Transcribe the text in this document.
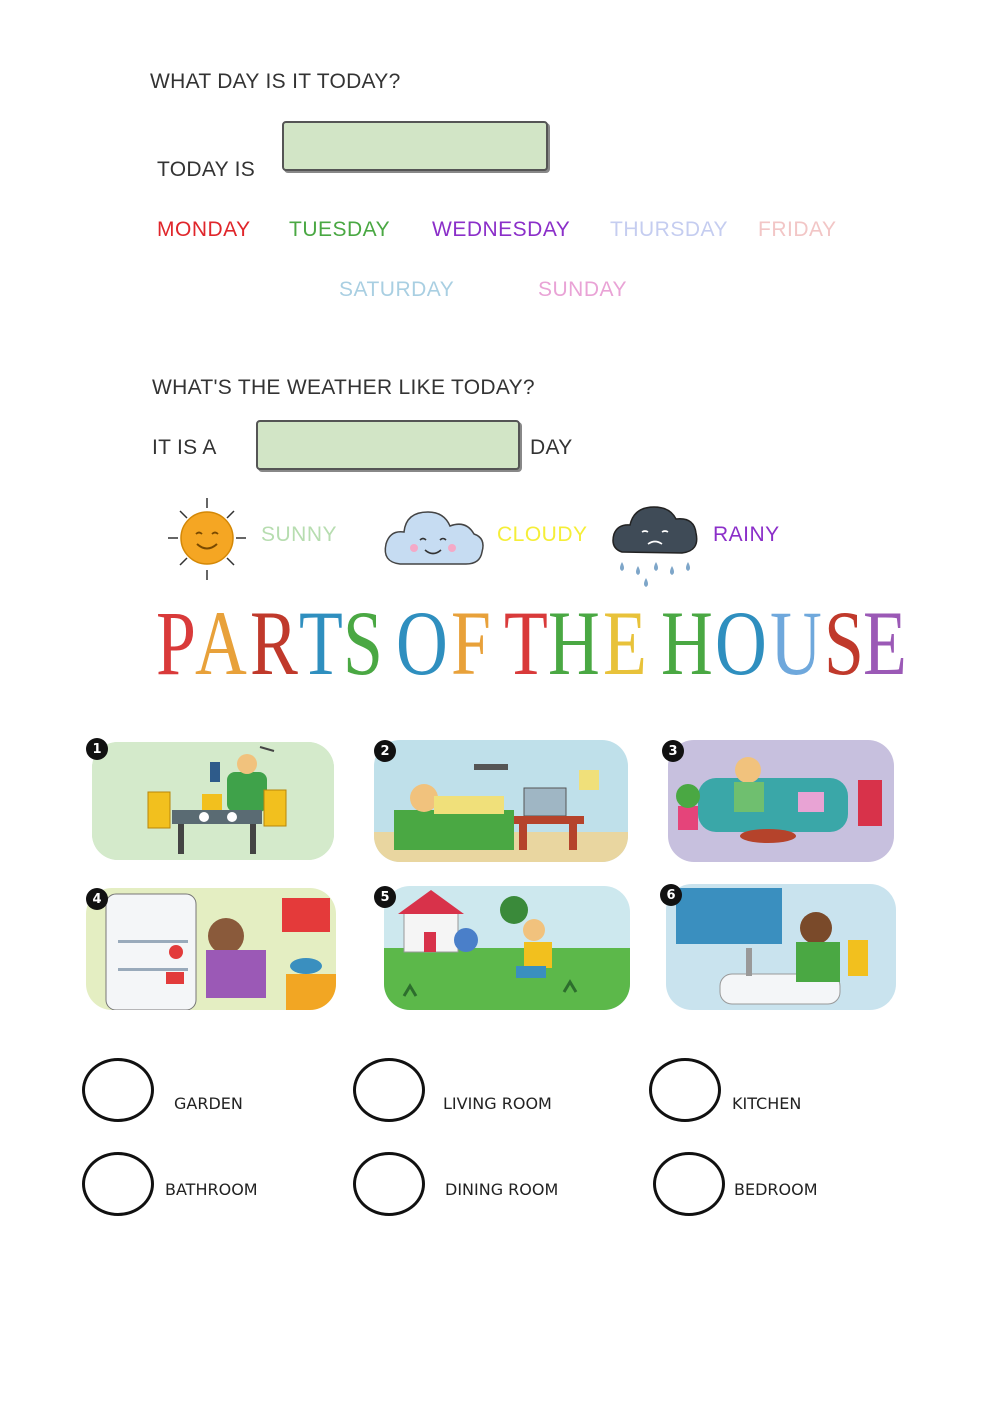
WHAT DAY IS IT TODAY?
TODAY IS
MONDAY TUESDAY WEDNESDAY THURSDAY FRIDAY
SATURDAY	SUNDAY
WHAT'S THE WEATHER LIKE TODAY?
IT IS A	DAY
SUNNY	CLOUDY	RAINY
PARTS OF THE HOUSE
1	2	3
4	5	6
GARDEN	LIVING ROOM	KITCHEN
BATHROOM	DINING ROOM	BEDROOM
